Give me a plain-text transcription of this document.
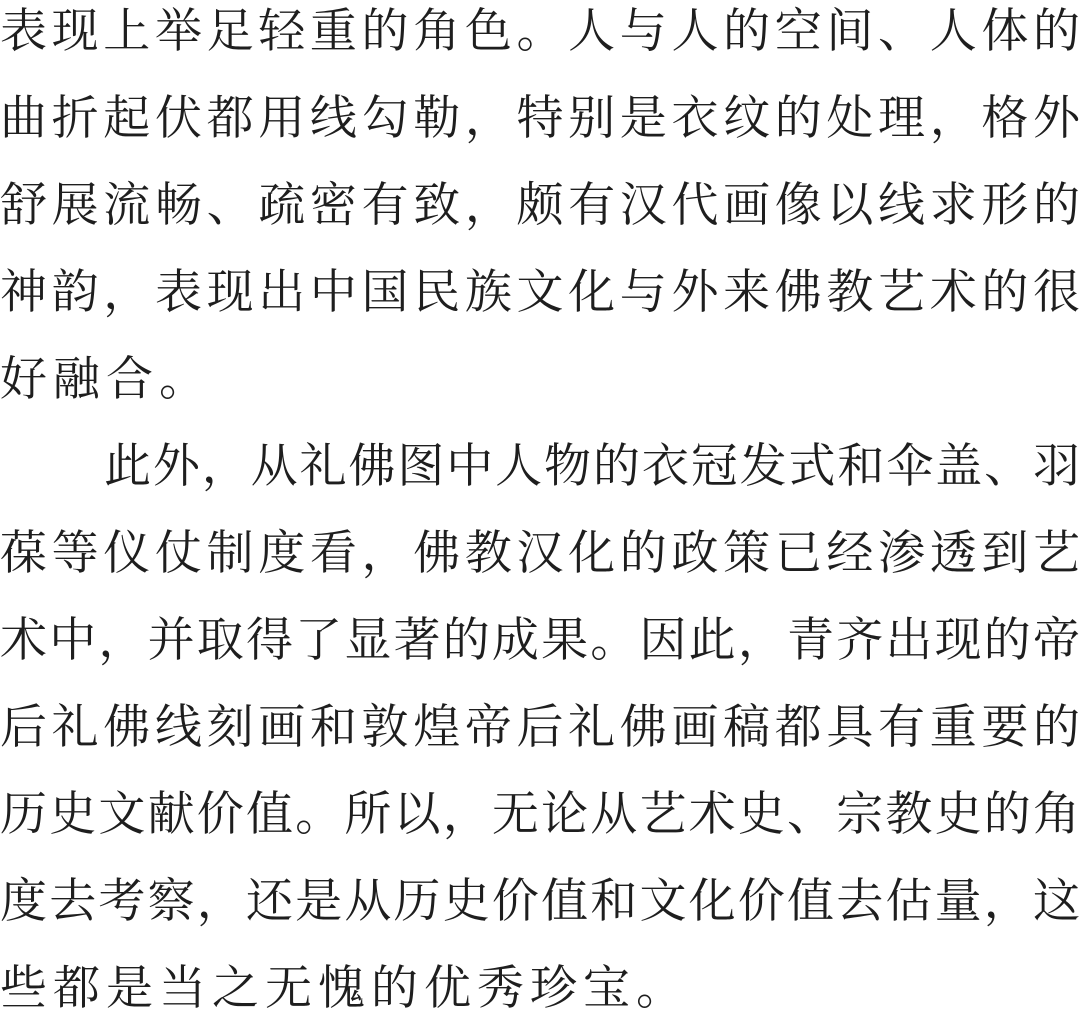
表现上举足轻重的角色。人与人的空间、人体的
曲折起伏都用线勾勒，特别是衣纹的处理，格外
舒展流畅、疏密有致，颇有汉代画像以线求形的
神韵，表现出中国民族文化与外来佛教艺术的很
好融合。
此外，从礼佛图中人物的衣冠发式和伞盖、羽
葆等仪仗制度看，佛教汉化的政策已经渗透到艺
术中，并取得了显著的成果。因此，青齐出现的帝
后礼佛线刻画和敦煌帝后礼佛画稿都具有重要的
历史文献价值。所以，无论从艺术史、宗教史的角
度去考察，还是从历史价值和文化价值去估量，这
些都是当之无愧的优秀珍宝。
